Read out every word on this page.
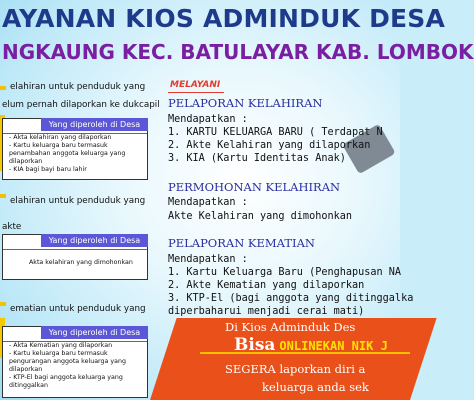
AYANAN KIOS ADMINDUK DESA
NGKAUNG KEC. BATULAYAR KAB. LOMBOK
elahiran untuk penduduk yang
elum pernah dilaporkan ke dukcapil
Yang diperoleh di Desa
- Akta kelahiran yang dilaporkan
- Kartu keluarga baru termasuk
penambahan anggota keluarga yang
dilaporkan
- KIA bagi bayi baru lahir
elahiran untuk penduduk yang
akte
Yang diperoleh di Desa
Akta kelahiran yang dimohonkan
ematian untuk penduduk yang
Yang diperoleh di Desa
- Akta Kematian yang dilaporkan
- Kartu keluarga baru termasuk
pengurangan anggota keluarga yang
dilaporkan
- KTP-El bagi anggota keluarga yang
ditinggalkan
MELAYANI
PELAPORAN KELAHIRAN
Mendapatkan :
1. KARTU KELUARGA BARU ( Terdapat N
2. Akte Kelahiran yang dilaporkan
3. KIA (Kartu Identitas Anak)
PERMOHONAN KELAHIRAN
Mendapatkan :
Akte Kelahiran yang dimohonkan
PELAPORAN KEMATIAN
Mendapatkan :
1. Kartu Keluarga Baru (Penghapusan NA
2. Akte Kematian yang dilaporkan
3. KTP-El (bagi anggota yang ditinggalka
diperbaharui menjadi cerai mati)
Di Kios Adminduk Des
Bisa ONLINEKAN NIK J
SEGERA laporkan diri a
keluarga anda sek
